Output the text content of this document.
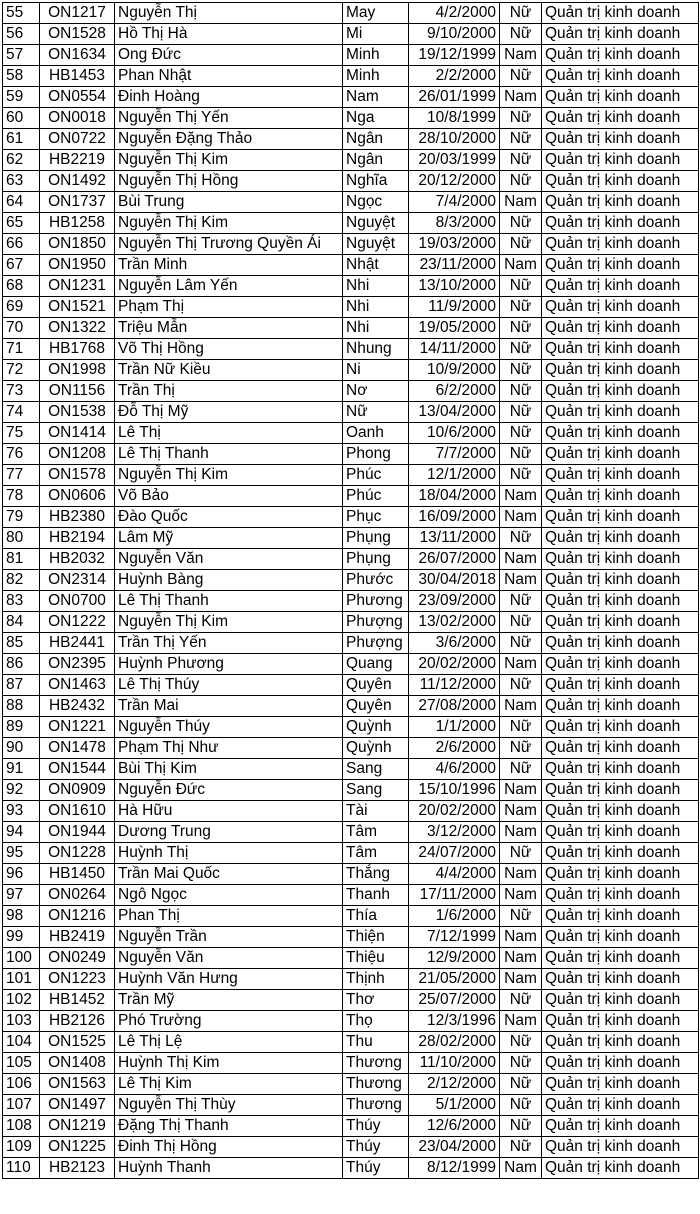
55	ON1217	Nguyễn Thị	May	4/2/2000	Nữ	Quản trị kinh doanh
56	ON1528	Hồ Thị Hà	Mi	9/10/2000	Nữ	Quản trị kinh doanh
57	ON1634	Ong Đức	Minh	19/12/1999	Nam	Quản trị kinh doanh
58	HB1453	Phan Nhật	Minh	2/2/2000	Nữ	Quản trị kinh doanh
59	ON0554	Đinh Hoàng	Nam	26/01/1999	Nam	Quản trị kinh doanh
60	ON0018	Nguyễn Thị Yến	Nga	10/8/1999	Nữ	Quản trị kinh doanh
61	ON0722	Nguyễn Đặng Thảo	Ngân	28/10/2000	Nữ	Quản trị kinh doanh
62	HB2219	Nguyễn Thị Kim	Ngân	20/03/1999	Nữ	Quản trị kinh doanh
63	ON1492	Nguyễn Thị Hồng	Nghĩa	20/12/2000	Nữ	Quản trị kinh doanh
64	ON1737	Bùi Trung	Ngọc	7/4/2000	Nam	Quản trị kinh doanh
65	HB1258	Nguyễn Thị Kim	Nguyệt	8/3/2000	Nữ	Quản trị kinh doanh
66	ON1850	Nguyễn Thị Trương Quyền Ái	Nguyệt	19/03/2000	Nữ	Quản trị kinh doanh
67	ON1950	Trần Minh	Nhật	23/11/2000	Nam	Quản trị kinh doanh
68	ON1231	Nguyễn Lâm Yến	Nhi	13/10/2000	Nữ	Quản trị kinh doanh
69	ON1521	Phạm Thị	Nhi	11/9/2000	Nữ	Quản trị kinh doanh
70	ON1322	Triệu Mẫn	Nhi	19/05/2000	Nữ	Quản trị kinh doanh
71	HB1768	Võ Thị Hồng	Nhung	14/11/2000	Nữ	Quản trị kinh doanh
72	ON1998	Trần Nữ Kiều	Ni	10/9/2000	Nữ	Quản trị kinh doanh
73	ON1156	Trần Thị	Nơ	6/2/2000	Nữ	Quản trị kinh doanh
74	ON1538	Đỗ Thị Mỹ	Nữ	13/04/2000	Nữ	Quản trị kinh doanh
75	ON1414	Lê Thị	Oanh	10/6/2000	Nữ	Quản trị kinh doanh
76	ON1208	Lê Thị Thanh	Phong	7/7/2000	Nữ	Quản trị kinh doanh
77	ON1578	Nguyễn Thị Kim	Phúc	12/1/2000	Nữ	Quản trị kinh doanh
78	ON0606	Võ Bảo	Phúc	18/04/2000	Nam	Quản trị kinh doanh
79	HB2380	Đào Quốc	Phục	16/09/2000	Nam	Quản trị kinh doanh
80	HB2194	Lâm Mỹ	Phụng	13/11/2000	Nữ	Quản trị kinh doanh
81	HB2032	Nguyễn Văn	Phụng	26/07/2000	Nam	Quản trị kinh doanh
82	ON2314	Huỳnh Bàng	Phước	30/04/2018	Nam	Quản trị kinh doanh
83	ON0700	Lê Thị Thanh	Phương	23/09/2000	Nữ	Quản trị kinh doanh
84	ON1222	Nguyễn Thị Kim	Phượng	13/02/2000	Nữ	Quản trị kinh doanh
85	HB2441	Trần Thị Yến	Phượng	3/6/2000	Nữ	Quản trị kinh doanh
86	ON2395	Huỳnh Phương	Quang	20/02/2000	Nam	Quản trị kinh doanh
87	ON1463	Lê Thị Thúy	Quyên	11/12/2000	Nữ	Quản trị kinh doanh
88	HB2432	Trần Mai	Quyên	27/08/2000	Nam	Quản trị kinh doanh
89	ON1221	Nguyễn Thúy	Quỳnh	1/1/2000	Nữ	Quản trị kinh doanh
90	ON1478	Phạm Thị Như	Quỳnh	2/6/2000	Nữ	Quản trị kinh doanh
91	ON1544	Bùi Thị Kim	Sang	4/6/2000	Nữ	Quản trị kinh doanh
92	ON0909	Nguyễn Đức	Sang	15/10/1996	Nam	Quản trị kinh doanh
93	ON1610	Hà Hữu	Tài	20/02/2000	Nam	Quản trị kinh doanh
94	ON1944	Dương Trung	Tâm	3/12/2000	Nam	Quản trị kinh doanh
95	ON1228	Huỳnh Thị	Tâm	24/07/2000	Nữ	Quản trị kinh doanh
96	HB1450	Trần Mai Quốc	Thắng	4/4/2000	Nam	Quản trị kinh doanh
97	ON0264	Ngô Ngọc	Thanh	17/11/2000	Nam	Quản trị kinh doanh
98	ON1216	Phan Thị	Thía	1/6/2000	Nữ	Quản trị kinh doanh
99	HB2419	Nguyễn Trần	Thiện	7/12/1999	Nam	Quản trị kinh doanh
100	ON0249	Nguyễn Văn	Thiệu	12/9/2000	Nam	Quản trị kinh doanh
101	ON1223	Huỳnh Văn Hưng	Thịnh	21/05/2000	Nam	Quản trị kinh doanh
102	HB1452	Trần Mỹ	Thơ	25/07/2000	Nữ	Quản trị kinh doanh
103	HB2126	Phó Trường	Thọ	12/3/1996	Nam	Quản trị kinh doanh
104	ON1525	Lê Thị Lệ	Thu	28/02/2000	Nữ	Quản trị kinh doanh
105	ON1408	Huỳnh Thị Kim	Thương	11/10/2000	Nữ	Quản trị kinh doanh
106	ON1563	Lê Thị Kim	Thương	2/12/2000	Nữ	Quản trị kinh doanh
107	ON1497	Nguyễn Thị Thùy	Thương	5/1/2000	Nữ	Quản trị kinh doanh
108	ON1219	Đặng Thị Thanh	Thúy	12/6/2000	Nữ	Quản trị kinh doanh
109	ON1225	Đinh Thị Hồng	Thúy	23/04/2000	Nữ	Quản trị kinh doanh
110	HB2123	Huỳnh Thanh	Thúy	8/12/1999	Nam	Quản trị kinh doanh
